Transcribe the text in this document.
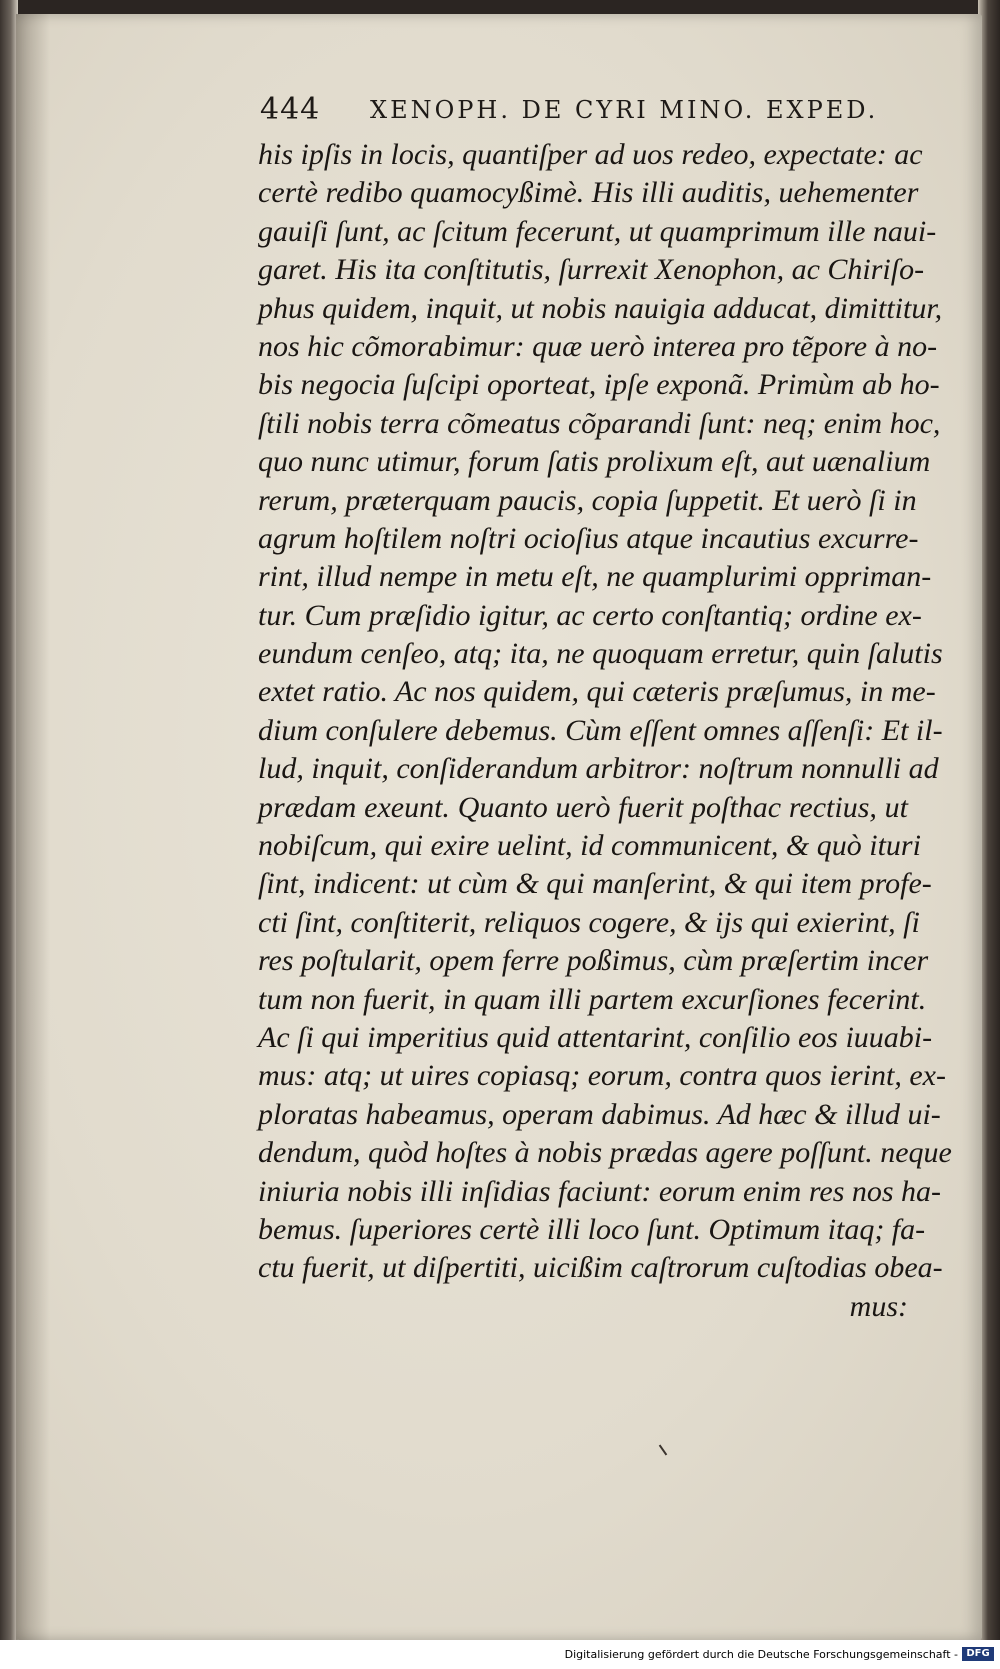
444 XENOPH. DE CYRI MINO. EXPED.
his ipſis in locis, quantiſper ad uos redeo, expectate: ac
certè redibo quamocyßimè. His illi auditis, uehementer
gauiſi ſunt, ac ſcitum fecerunt, ut quamprimum ille naui-
garet. His ita conſtitutis, ſurrexit Xenophon, ac Chiriſo-
phus quidem, inquit, ut nobis nauigia adducat, dimittitur,
nos hic cõmorabimur: quæ uerò interea pro tẽpore à no-
bis negocia ſuſcipi oporteat, ipſe exponã. Primùm ab ho-
ſtili nobis terra cõmeatus cõparandi ſunt: neq; enim hoc,
quo nunc utimur, forum ſatis prolixum eſt, aut uænalium
rerum, præterquam paucis, copia ſuppetit. Et uerò ſi in
agrum hoſtilem noſtri ocioſius atque incautius excurre-
rint, illud nempe in metu eſt, ne quamplurimi oppriman-
tur. Cum præſidio igitur, ac certo conſtantiq; ordine ex-
eundum cenſeo, atq; ita, ne quoquam erretur, quin ſalutis
extet ratio. Ac nos quidem, qui cæteris præſumus, in me-
dium conſulere debemus. Cùm eſſent omnes aſſenſi: Et il-
lud, inquit, conſiderandum arbitror: noſtrum nonnulli ad
prædam exeunt. Quanto uerò fuerit poſthac rectius, ut
nobiſcum, qui exire uelint, id communicent, & quò ituri
ſint, indicent: ut cùm & qui manſerint, & qui item profe-
cti ſint, conſtiterit, reliquos cogere, & ijs qui exierint, ſi
res poſtularit, opem ferre poßimus, cùm præſertim incer
tum non fuerit, in quam illi partem excurſiones fecerint.
Ac ſi qui imperitius quid attentarint, conſilio eos iuuabi-
mus: atq; ut uires copiasq; eorum, contra quos ierint, ex-
ploratas habeamus, operam dabimus. Ad hæc & illud ui-
dendum, quòd hoſtes à nobis prædas agere poſſunt. neque
iniuria nobis illi inſidias faciunt: eorum enim res nos ha-
bemus. ſuperiores certè illi loco ſunt. Optimum itaq; fa-
ctu fuerit, ut diſpertiti, uicißim caſtrorum cuſtodias obea-
mus:
Digitalisierung gefördert durch die Deutsche Forschungsgemeinschaft - DFG
